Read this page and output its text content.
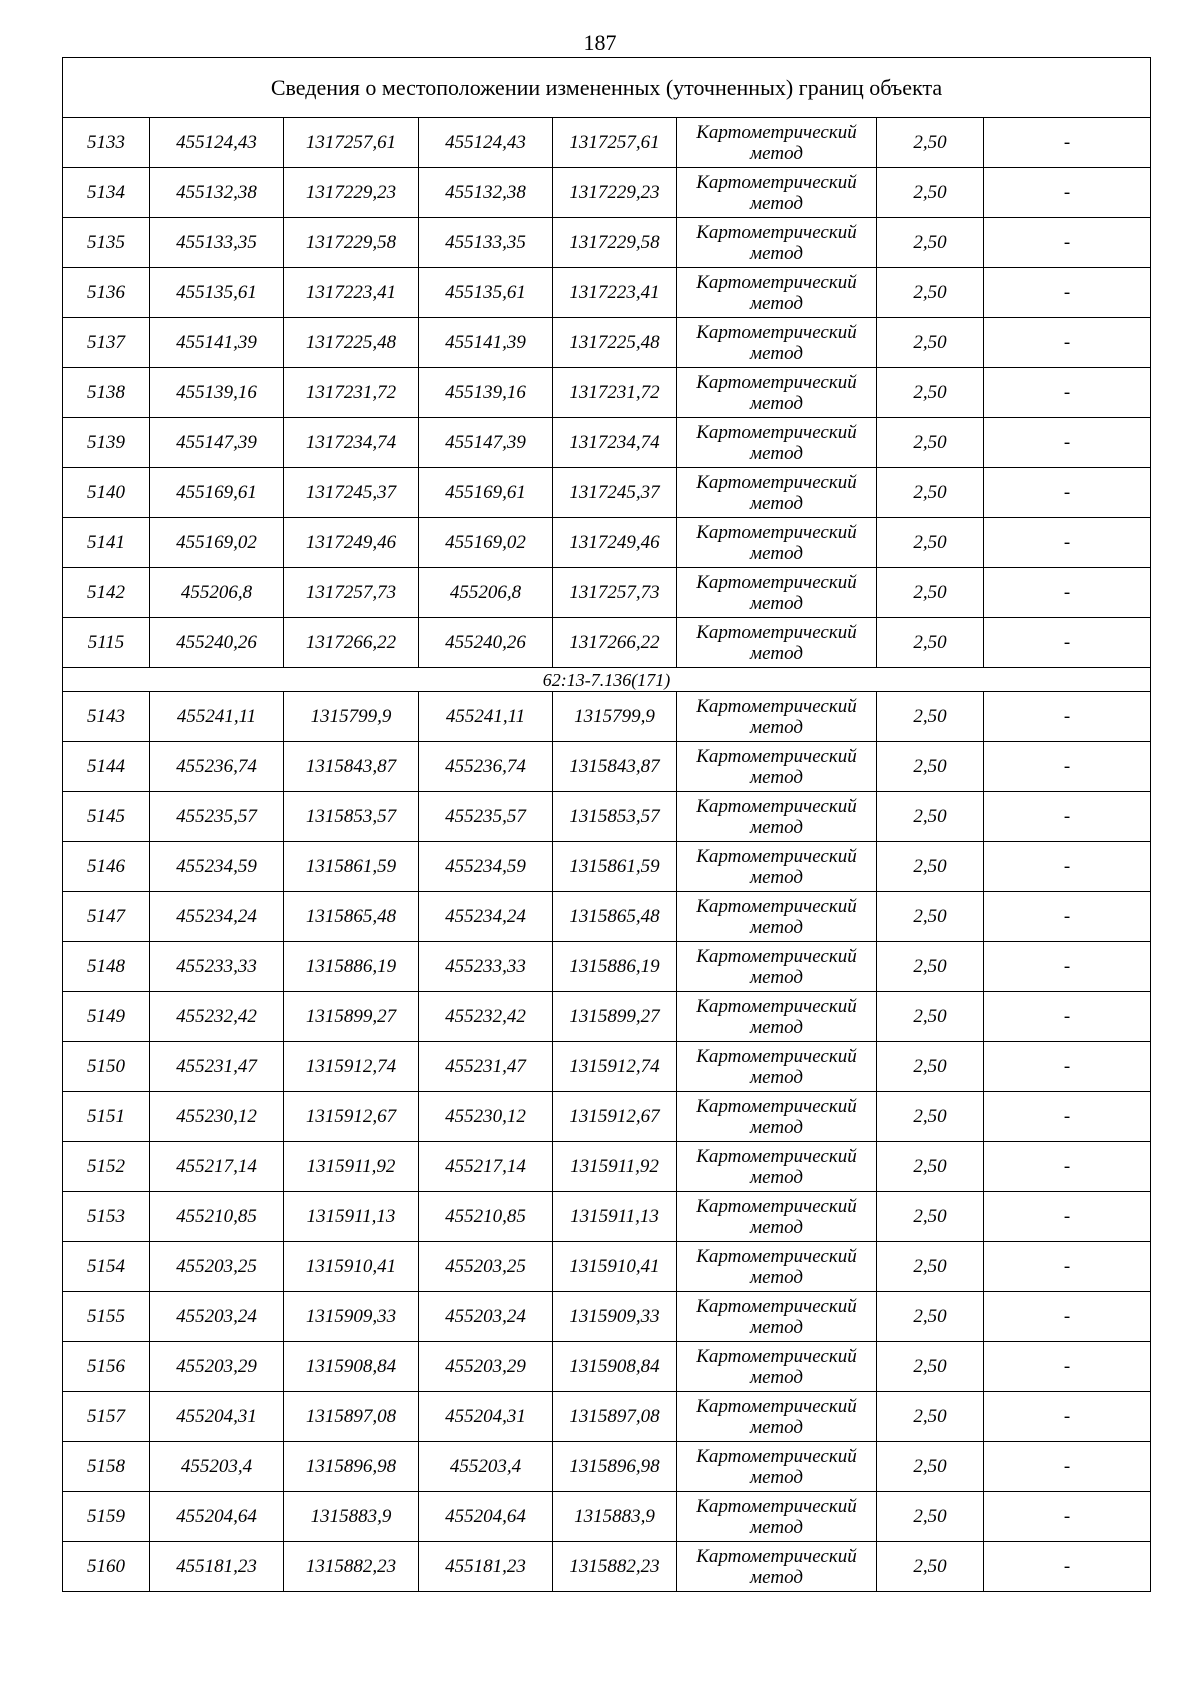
187
Сведения о местоположении измененных (уточненных) границ объекта							
5133	455124,43	1317257,61	455124,43	1317257,61	Картометрический
метод	2,50	-
5134	455132,38	1317229,23	455132,38	1317229,23	Картометрический
метод	2,50	-
5135	455133,35	1317229,58	455133,35	1317229,58	Картометрический
метод	2,50	-
5136	455135,61	1317223,41	455135,61	1317223,41	Картометрический
метод	2,50	-
5137	455141,39	1317225,48	455141,39	1317225,48	Картометрический
метод	2,50	-
5138	455139,16	1317231,72	455139,16	1317231,72	Картометрический
метод	2,50	-
5139	455147,39	1317234,74	455147,39	1317234,74	Картометрический
метод	2,50	-
5140	455169,61	1317245,37	455169,61	1317245,37	Картометрический
метод	2,50	-
5141	455169,02	1317249,46	455169,02	1317249,46	Картометрический
метод	2,50	-
5142	455206,8	1317257,73	455206,8	1317257,73	Картометрический
метод	2,50	-
5115	455240,26	1317266,22	455240,26	1317266,22	Картометрический
метод	2,50	-
62:13-7.136(171)							
5143	455241,11	1315799,9	455241,11	1315799,9	Картометрический
метод	2,50	-
5144	455236,74	1315843,87	455236,74	1315843,87	Картометрический
метод	2,50	-
5145	455235,57	1315853,57	455235,57	1315853,57	Картометрический
метод	2,50	-
5146	455234,59	1315861,59	455234,59	1315861,59	Картометрический
метод	2,50	-
5147	455234,24	1315865,48	455234,24	1315865,48	Картометрический
метод	2,50	-
5148	455233,33	1315886,19	455233,33	1315886,19	Картометрический
метод	2,50	-
5149	455232,42	1315899,27	455232,42	1315899,27	Картометрический
метод	2,50	-
5150	455231,47	1315912,74	455231,47	1315912,74	Картометрический
метод	2,50	-
5151	455230,12	1315912,67	455230,12	1315912,67	Картометрический
метод	2,50	-
5152	455217,14	1315911,92	455217,14	1315911,92	Картометрический
метод	2,50	-
5153	455210,85	1315911,13	455210,85	1315911,13	Картометрический
метод	2,50	-
5154	455203,25	1315910,41	455203,25	1315910,41	Картометрический
метод	2,50	-
5155	455203,24	1315909,33	455203,24	1315909,33	Картометрический
метод	2,50	-
5156	455203,29	1315908,84	455203,29	1315908,84	Картометрический
метод	2,50	-
5157	455204,31	1315897,08	455204,31	1315897,08	Картометрический
метод	2,50	-
5158	455203,4	1315896,98	455203,4	1315896,98	Картометрический
метод	2,50	-
5159	455204,64	1315883,9	455204,64	1315883,9	Картометрический
метод	2,50	-
5160	455181,23	1315882,23	455181,23	1315882,23	Картометрический
метод	2,50	-
